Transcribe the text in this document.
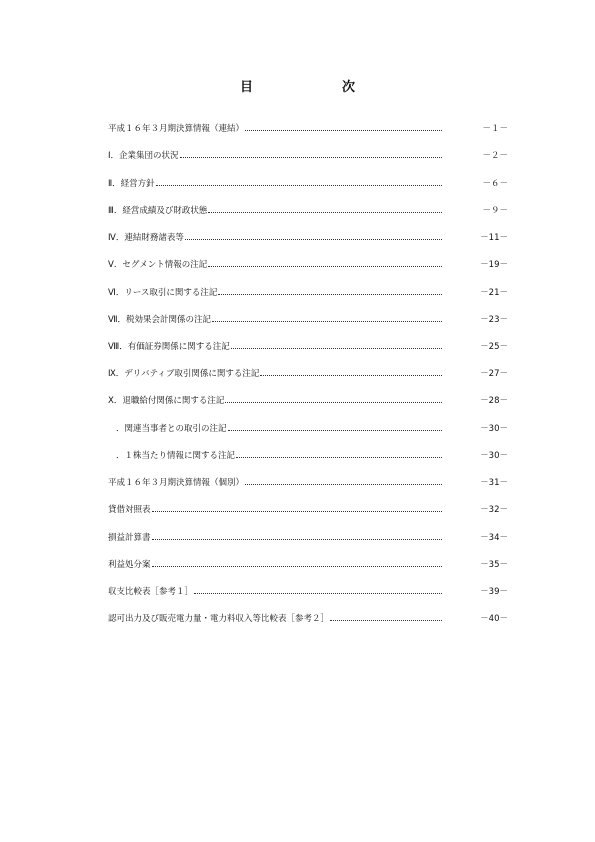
目　次
平成１６年３月期決算情報（連結）	－１－
Ⅰ．企業集団の状況	－２－
Ⅱ．経営方針	－６－
Ⅲ．経営成績及び財政状態	－９－
Ⅳ．連結財務諸表等	－11－
Ⅴ．セグメント情報の注記	－19－
Ⅵ．リース取引に関する注記	－21－
Ⅶ．税効果会計関係の注記	－23－
Ⅷ．有価証券関係に関する注記	－25－
Ⅸ．デリバティブ取引関係に関する注記	－27－
Ⅹ．退職給付関係に関する注記	－28－
．関連当事者との取引の注記	－30－
．１株当たり情報に関する注記	－30－
平成１６年３月期決算情報（個別）	－31－
貸借対照表	－32－
損益計算書	－34－
利益処分案	－35－
収支比較表［参考１］	－39－
認可出力及び販売電力量・電力料収入等比較表［参考２］	－40－
